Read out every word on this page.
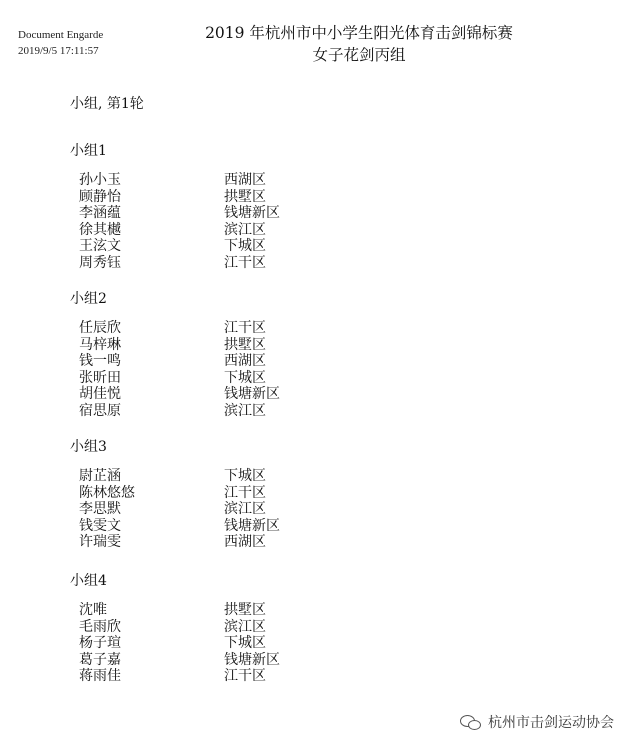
Document Engarde
2019/9/5 17:11:57
2019 年杭州市中小学生阳光体育击剑锦标赛
女子花剑丙组
小组, 第1轮
小组1
孙小玉	西湖区
顾静怡	拱墅区
李涵蕴	钱塘新区
徐其樾	滨江区
王泫文	下城区
周秀钰	江干区
小组2
任辰欣	江干区
马梓琳	拱墅区
钱一鸣	西湖区
张昕田	下城区
胡佳悦	钱塘新区
宿思原	滨江区
小组3
尉芷涵	下城区
陈林悠悠	江干区
李思默	滨江区
钱雯文	钱塘新区
许瑞雯	西湖区
小组4
沈唯	拱墅区
毛雨欣	滨江区
杨子瑄	下城区
葛子嘉	钱塘新区
蒋雨佳	江干区
杭州市击剑运动协会
